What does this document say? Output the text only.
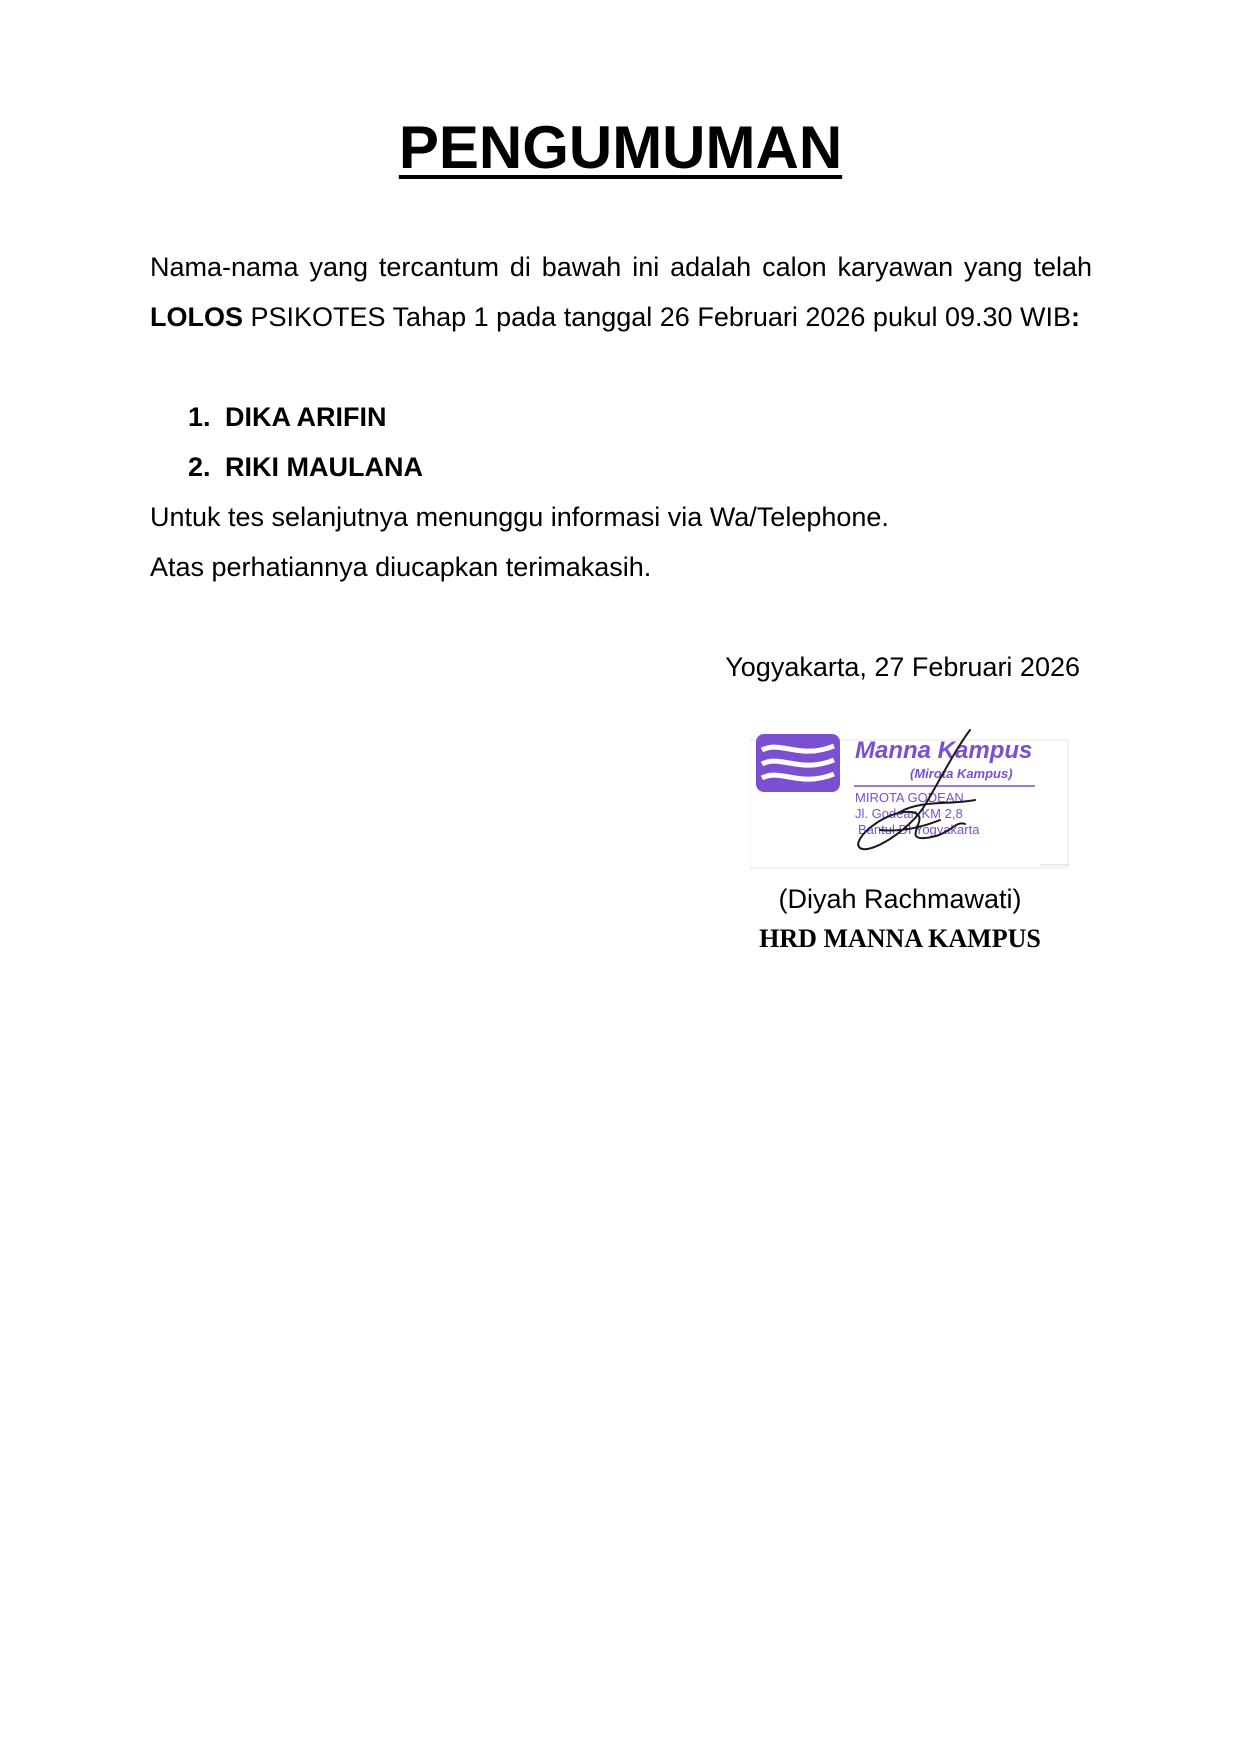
PENGUMUMAN

Nama-nama yang tercantum di bawah ini adalah calon karyawan yang telah LOLOS PSIKOTES Tahap 1 pada tanggal 26 Februari 2026 pukul 09.30 WIB:

1. DIKA ARIFIN
2. RIKI MAULANA

Untuk tes selanjutnya menunggu informasi via Wa/Telephone.

Atas perhatiannya diucapkan terimakasih.

Yogyakarta, 27 Februari 2026
Manna Kampus
(Mirota Kampus)
MIROTA GODEAN
Jl. Godean KM 2,8
Bantul DI Yogyakarta
(Diyah Rachmawati)
HRD MANNA KAMPUS
